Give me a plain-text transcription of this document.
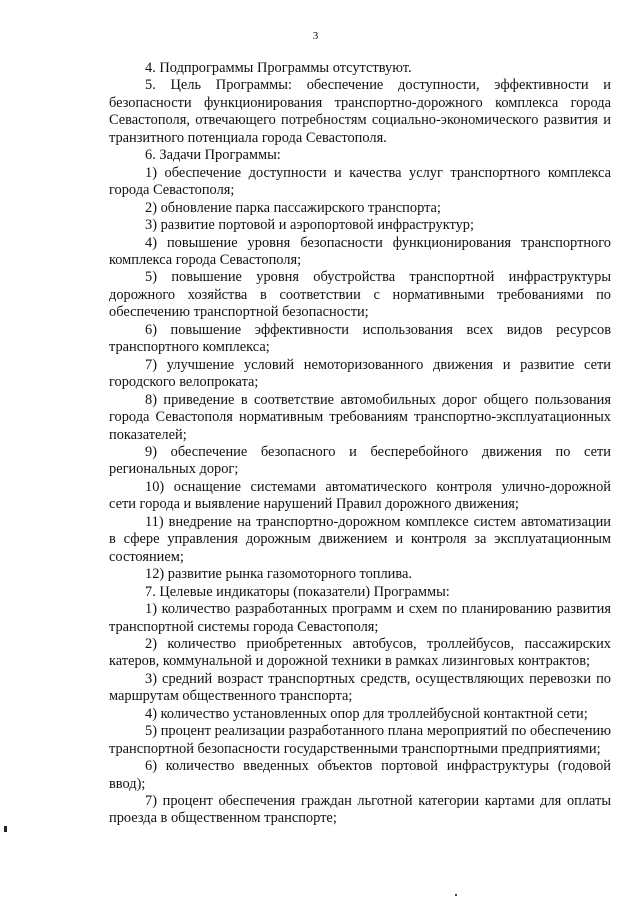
3

4. Подпрограммы Программы отсутствуют.

5. Цель Программы: обеспечение доступности, эффективности и безопасности функционирования транспортно-дорожного комплекса города Севастополя, отвечающего потребностям социально-экономического развития и транзитного потенциала города Севастополя.

6. Задачи Программы:

1) обеспечение доступности и качества услуг транспортного комплекса города Севастополя;

2) обновление парка пассажирского транспорта;

3) развитие портовой и аэропортовой инфраструктур;

4) повышение уровня безопасности функционирования транспортного комплекса города Севастополя;

5) повышение уровня обустройства транспортной инфраструктуры дорожного хозяйства в соответствии с нормативными требованиями по обеспечению транспортной безопасности;

6) повышение эффективности использования всех видов ресурсов транспортного комплекса;

7) улучшение условий немоторизованного движения и развитие сети городского велопроката;

8) приведение в соответствие автомобильных дорог общего пользования города Севастополя нормативным требованиям транспортно-эксплуатационных показателей;

9) обеспечение безопасного и бесперебойного движения по сети региональных дорог;

10) оснащение системами автоматического контроля улично-дорожной сети города и выявление нарушений Правил дорожного движения;

11) внедрение на транспортно-дорожном комплексе систем автоматизации в сфере управления дорожным движением и контроля за эксплуатационным состоянием;

12) развитие рынка газомоторного топлива.

7. Целевые индикаторы (показатели) Программы:

1) количество разработанных программ и схем по планированию развития транспортной системы города Севастополя;

2) количество приобретенных автобусов, троллейбусов, пассажирских катеров, коммунальной и дорожной техники в рамках лизинговых контрактов;

3) средний возраст транспортных средств, осуществляющих перевозки по маршрутам общественного транспорта;

4) количество установленных опор для троллейбусной контактной сети;

5) процент реализации разработанного плана мероприятий по обеспечению транспортной безопасности государственными транспортными предприятиями;

6) количество введенных объектов портовой инфраструктуры (годовой ввод);

7) процент обеспечения граждан льготной категории картами для оплаты проезда в общественном транспорте;
